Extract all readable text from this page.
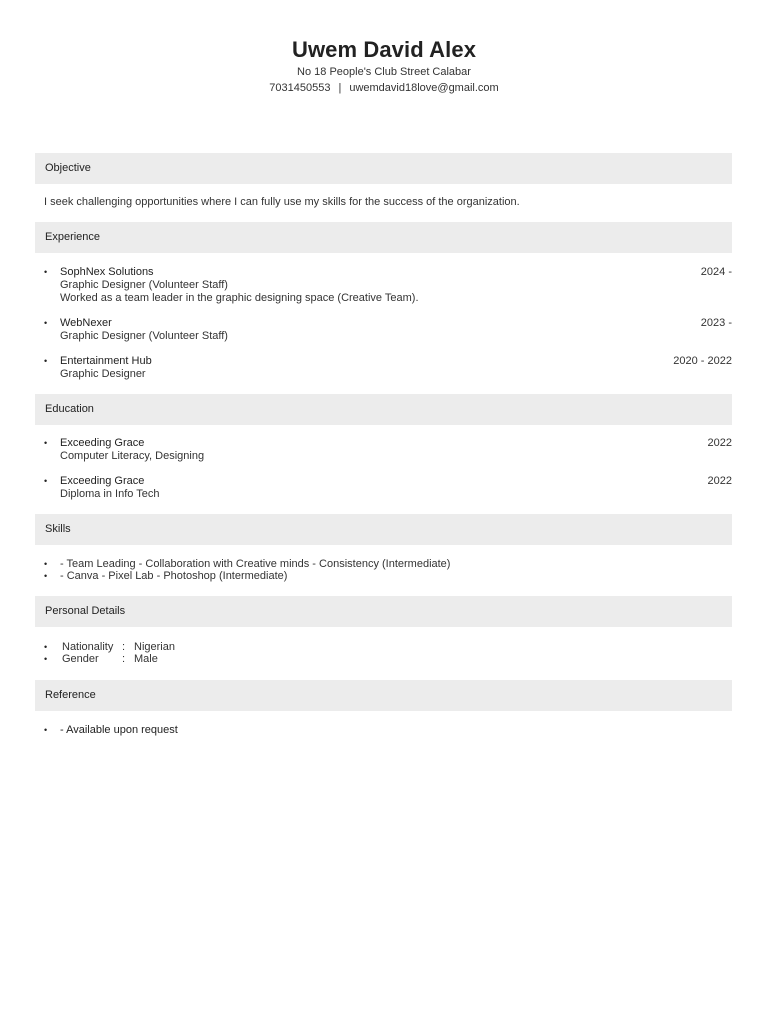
Uwem David Alex
No 18 People's Club Street Calabar
7031450553 | uwemdavid18love@gmail.com
Objective
I seek challenging opportunities where I can fully use my skills for the success of the organization.
Experience
• SophNex Solutions
Graphic Designer (Volunteer Staff)
Worked as a team leader in the graphic designing space (Creative Team).
2024 -
• WebNexer
Graphic Designer (Volunteer Staff)
2023 -
• Entertainment Hub
Graphic Designer
2020 - 2022
Education
• Exceeding Grace
Computer Literacy, Designing
2022
• Exceeding Grace
Diploma in Info Tech
2022
Skills
• - Team Leading - Collaboration with Creative minds - Consistency (Intermediate)
• - Canva - Pixel Lab - Photoshop (Intermediate)
Personal Details
• Nationality : Nigerian
• Gender : Male
Reference
• - Available upon request
